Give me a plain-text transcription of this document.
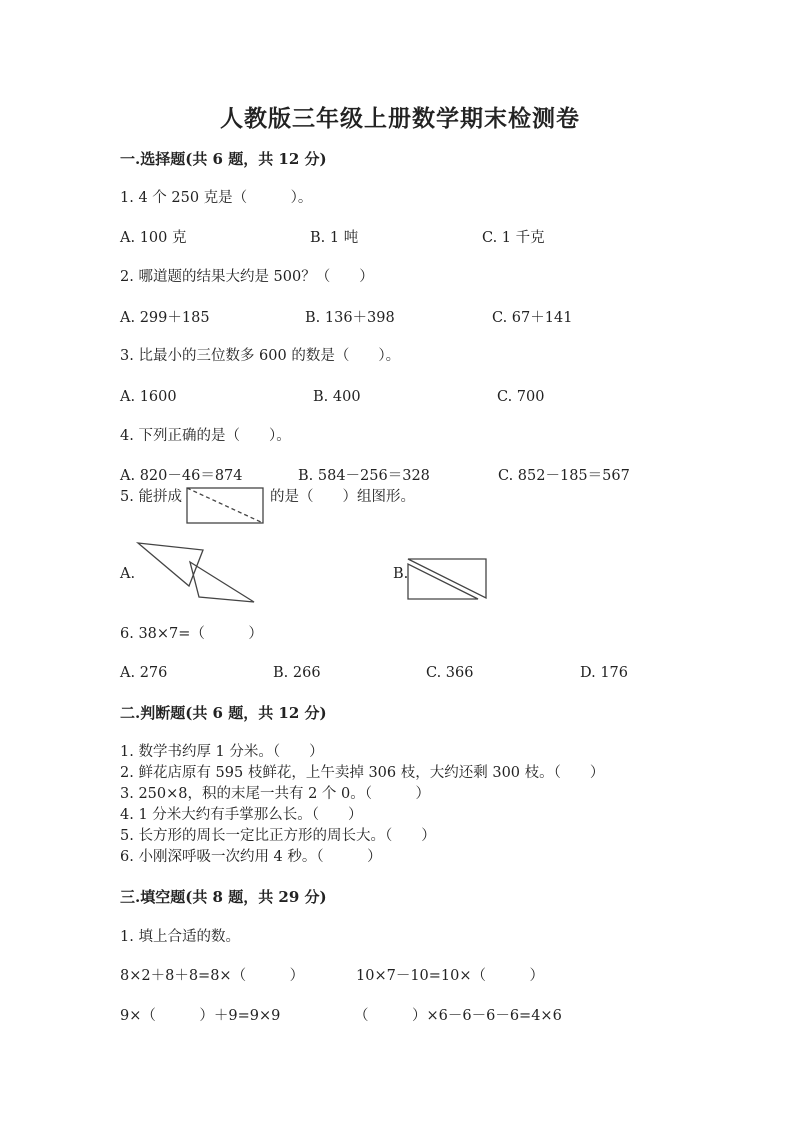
人教版三年级上册数学期末检测卷
一.选择题(共 6 题，共 12 分)
1. 4 个 250 克是（　　　）。
A. 100 克	B. 1 吨	C. 1 千克
2. 哪道题的结果大约是 500？（　　）
A. 299＋185	B. 136＋398	C. 67＋141
3. 比最小的三位数多 600 的数是（　　）。
A. 1600	B. 400	C. 700
4. 下列正确的是（　　）。
A. 820－46＝874	B. 584－256＝328	C. 852－185＝567
5. 能拼成	的是（　　）组图形。
A.	B.
6. 38×7=（　　　）
A. 276	B. 266	C. 366	D. 176
二.判断题(共 6 题，共 12 分)
1. 数学书约厚 1 分米。（　　）
2. 鲜花店原有 595 枝鲜花，上午卖掉 306 枝，大约还剩 300 枝。（　　）
3. 250×8，积的末尾一共有 2 个 0。（　　　）
4. 1 分米大约有手掌那么长。（　　）
5. 长方形的周长一定比正方形的周长大。（　　）
6. 小刚深呼吸一次约用 4 秒。（　　　）
三.填空题(共 8 题，共 29 分)
1. 填上合适的数。
8×2＋8＋8=8×（　　　）	10×7－10=10×（　　　）
9×（　　　）＋9=9×9	（　　　）×6－6－6－6=4×6
